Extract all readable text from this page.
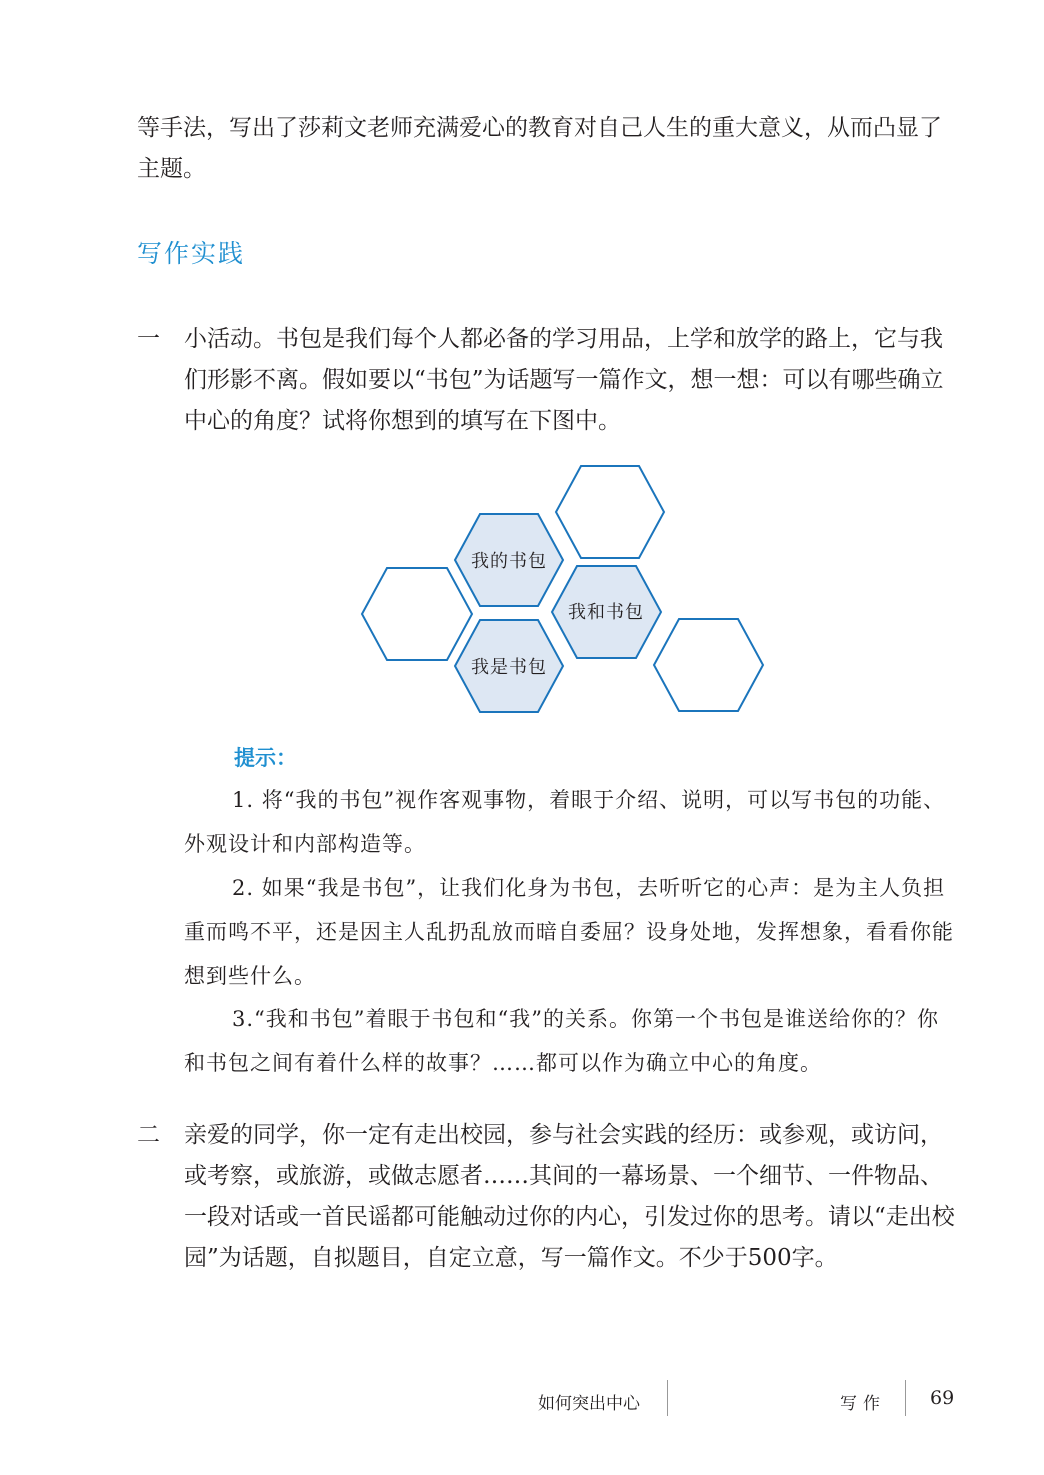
等手法，写出了莎莉文老师充满爱心的教育对自己人生的重大意义，从而凸显了主题。
写作实践
一 小活动。书包是我们每个人都必备的学习用品，上学和放学的路上，它与我们形影不离。假如要以“书包”为话题写一篇作文，想一想：可以有哪些确立中心的角度？试将你想到的填写在下图中。
我的书包
我和书包
我是书包
提示：
1. 将“我的书包”视作客观事物，着眼于介绍、说明，可以写书包的功能、外观设计和内部构造等。
2. 如果“我是书包”，让我们化身为书包，去听听它的心声：是为主人负担重而鸣不平，还是因主人乱扔乱放而暗自委屈？设身处地，发挥想象，看看你能想到些什么。
3.“我和书包”着眼于书包和“我”的关系。你第一个书包是谁送给你的？你和书包之间有着什么样的故事？……都可以作为确立中心的角度。
二 亲爱的同学，你一定有走出校园，参与社会实践的经历：或参观，或访问，或考察，或旅游，或做志愿者……其间的一幕场景、一个细节、一件物品、一段对话或一首民谣都可能触动过你的内心，引发过你的思考。请以“走出校园”为话题，自拟题目，自定立意，写一篇作文。不少于500字。
如何突出中心	写作 69
